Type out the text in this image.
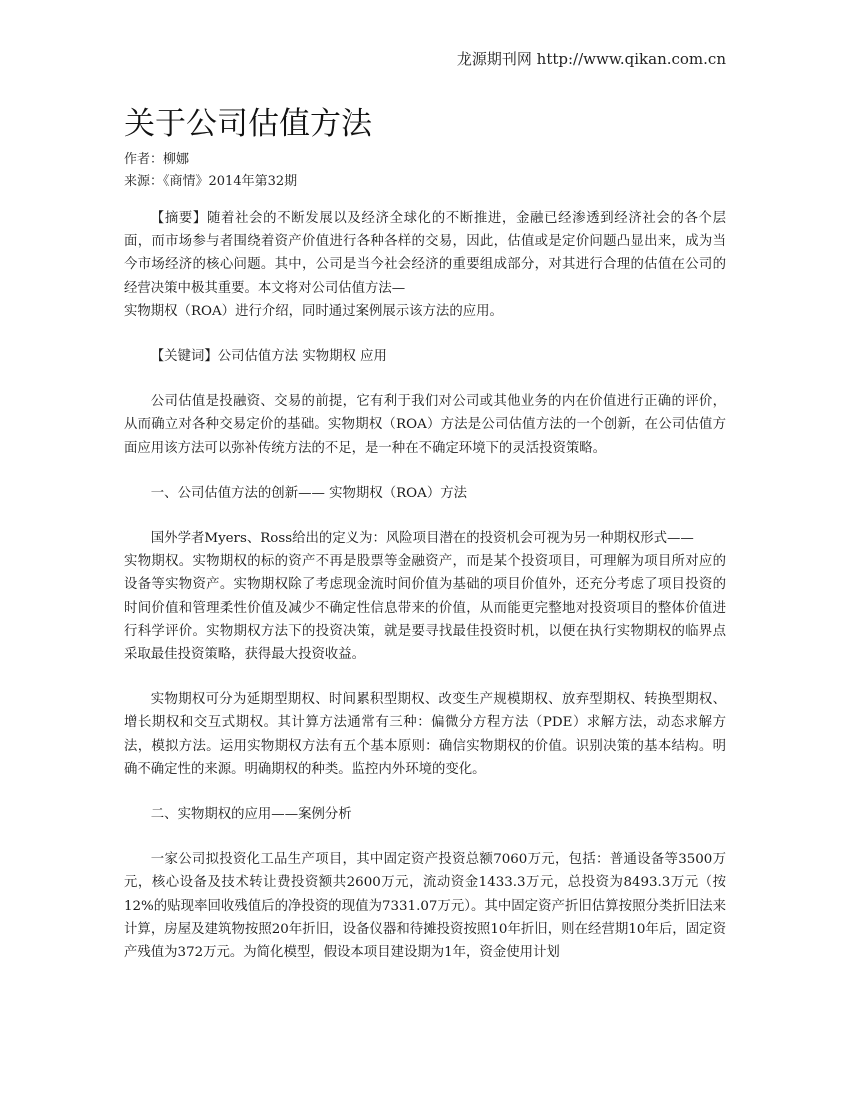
龙源期刊网 http://www.qikan.com.cn
关于公司估值方法
作者：柳娜
来源：《商情》2014年第32期

【摘要】随着社会的不断发展以及经济全球化的不断推进，金融已经渗透到经济社会的各个层面，而市场参与者围绕着资产价值进行各种各样的交易，因此，估值或是定价问题凸显出来，成为当今市场经济的核心问题。其中，公司是当今社会经济的重要组成部分，对其进行合理的估值在公司的经营决策中极其重要。本文将对公司估值方法—

实物期权（ROA）进行介绍，同时通过案例展示该方法的应用。

【关键词】公司估值方法 实物期权 应用

公司估值是投融资、交易的前提，它有利于我们对公司或其他业务的内在价值进行正确的评价，从而确立对各种交易定价的基础。实物期权（ROA）方法是公司估值方法的一个创新，在公司估值方面应用该方法可以弥补传统方法的不足，是一种在不确定环境下的灵活投资策略。

一、公司估值方法的创新—— 实物期权（ROA）方法

国外学者Myers、Ross给出的定义为：风险项目潜在的投资机会可视为另一种期权形式——

实物期权。实物期权的标的资产不再是股票等金融资产，而是某个投资项目，可理解为项目所对应的设备等实物资产。实物期权除了考虑现金流时间价值为基础的项目价值外，还充分考虑了项目投资的时间价值和管理柔性价值及减少不确定性信息带来的价值，从而能更完整地对投资项目的整体价值进行科学评价。实物期权方法下的投资决策，就是要寻找最佳投资时机，以便在执行实物期权的临界点采取最佳投资策略，获得最大投资收益。

实物期权可分为延期型期权、时间累积型期权、改变生产规模期权、放弃型期权、转换型期权、增长期权和交互式期权。其计算方法通常有三种：偏微分方程方法（PDE）求解方法，动态求解方法，模拟方法。运用实物期权方法有五个基本原则：确信实物期权的价值。识别决策的基本结构。明确不确定性的来源。明确期权的种类。监控内外环境的变化。

二、实物期权的应用——案例分析

一家公司拟投资化工品生产项目，其中固定资产投资总额7060万元，包括：普通设备等3500万元，核心设备及技术转让费投资额共2600万元，流动资金1433.3万元，总投资为8493.3万元（按12%的贴现率回收残值后的净投资的现值为7331.07万元）。其中固定资产折旧估算按照分类折旧法来计算，房屋及建筑物按照20年折旧，设备仪器和待摊投资按照10年折旧，则在经营期10年后，固定资产残值为372万元。为简化模型，假设本项目建设期为1年，资金使用计划
